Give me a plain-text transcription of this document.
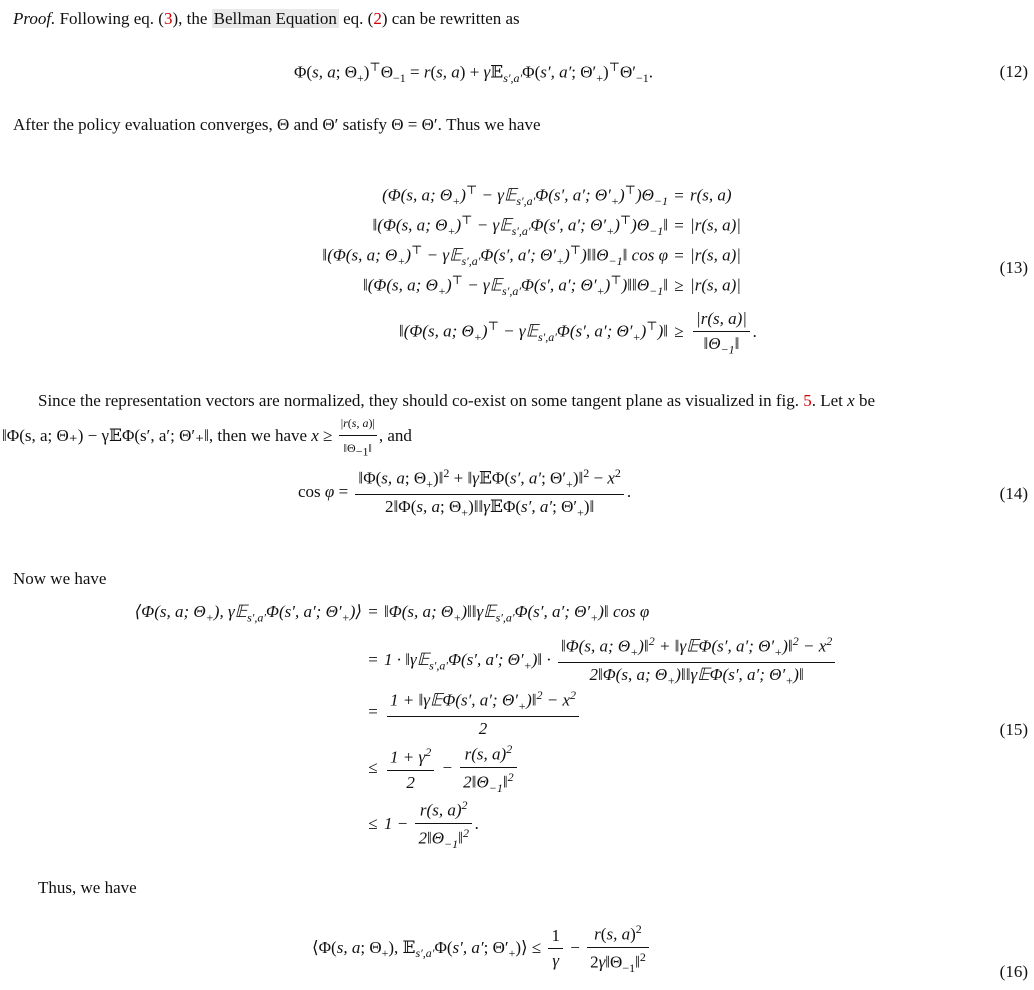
Proof. Following eq. (3), the Bellman Equation eq. (2) can be rewritten as
Φ(s, a; $\Theta_+)^⊤\Theta_{-1} = r(s$, a) + γ𝔼$_{s',a'}$Φ(s′, a′; $\Theta'_+)^⊤\Theta'_{-1}$.	(12)
After the policy evaluation converges, Θ and Θ′ satisfy Θ = Θ′. Thus we have
(Φ(s, a; $\Theta_+)^⊤$ − γ𝔼$_{s',a'}$Φ(s′, a′; $\Theta'_+)^⊤)\Theta_{-1} = r(s$, a)
‖(Φ(s, a; $\Theta_+)^⊤$ − γ𝔼$_{s',a'}$Φ(s′, a′; $\Theta'_+)^⊤)\Theta_{-1}‖ = |r(s$, a)|
‖(Φ(s, a; $\Theta_+)^⊤$ − γ𝔼$_{s',a'}$Φ(s′, a′; $\Theta'_+)^⊤)‖‖\Theta_{-1}‖$ cos φ = |r(s, a)|
‖(Φ(s, a; $\Theta_+)^⊤$ − γ𝔼$_{s',a'}$Φ(s′, a′; $\Theta'_+)^⊤)‖‖\Theta_{-1}‖ \ge |r(s$, a)|
‖(Φ(s, a; $\Theta_+)^⊤$ − γ𝔼$_{s',a'}$Φ(s′, a′; $\Theta'_+)^⊤)‖ \ge \frac{|r(s, a)|}{‖\Theta_{-1}‖}$ .
(13)
Since the representation vectors are normalized, they should co-exist on some tangent plane as visualized in fig. 5. Let x be
‖Φ(s, a; Θ₊) − γ𝔼Φ(s′, a′; Θ′₊‖, then we have $x \ge \frac{|r(s, a)|}{‖\Theta_{-1}‖}$ , and
$\cos \varphi = \frac{‖\Phi(s, a; \Theta_+)‖^2 + ‖\gamma 𝔼\Phi(s', a'; \Theta'_+)‖^2 - x^2}{2‖\Phi(s, a; \Theta_+)‖‖\gamma 𝔼\Phi(s', a'; \Theta'_+)‖}$ .	(14)
Now we have
⟨Φ(s, a; $\Theta_+$), γ𝔼$_{s',a'}$Φ(s′, a′; $\Theta'_+)⟩$ = ‖Φ(s, a; $\Theta_+)‖‖\gamma 𝔼_{s',a'}\Phi(s'$, a′; $\Theta'_+)‖$ cos φ
= 1 · ‖γ𝔼$_{s',a'}$Φ(s′, a′; $\Theta'_+)‖ \cdot \frac{‖\Phi(s, a; \Theta_+)‖^2 + ‖\gamma 𝔼\Phi(s', a'; \Theta'_+)‖^2 - x^2}{2‖\Phi(s, a; \Theta_+)‖‖\gamma 𝔼\Phi(s', a'; \Theta'_+)‖}$
= $\frac{1 + ‖\gamma 𝔼\Phi(s', a'; \Theta'_+)‖^2 - x^2}{2}$
≤ $\frac{1 + \gamma^2}{2} - \frac{r(s, a)^2}{2‖\Theta_{-1}‖^2}$
≤ $1 - \frac{r(s, a)^2}{2‖\Theta_{-1}‖^2}$ .
(15)
Thus, we have
⟨Φ(s, a; $\Theta_+$), 𝔼$_{s',a'}$Φ(s′, a′; $\Theta'_+)⟩ \le \frac{1}{\gamma} - \frac{r(s, a)^2}{2\gamma‖\Theta_{-1}‖^2}$	(16)
